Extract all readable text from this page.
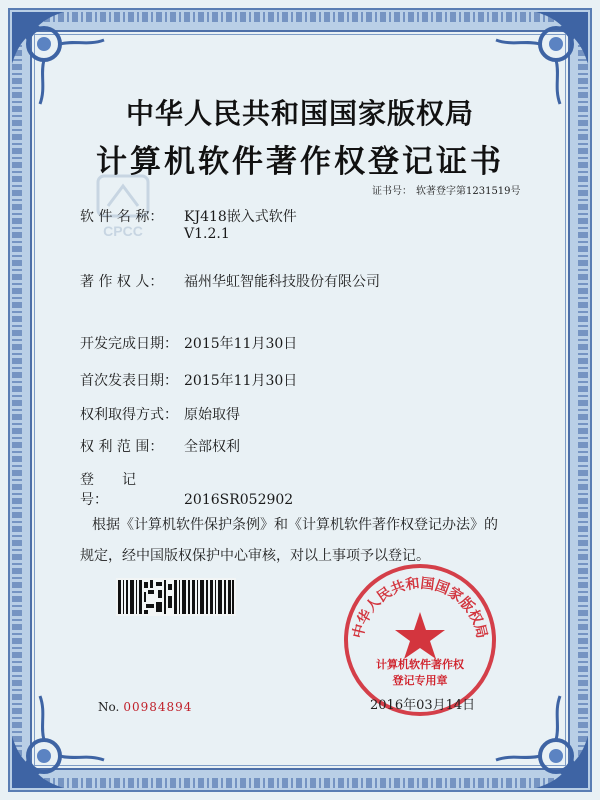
CPCC
中华人民共和国国家版权局
计算机软件著作权登记证书
证书号： 软著登字第1231519号
软 件 名 称： KJ418嵌入式软件
V1.2.1
著 作 权 人： 福州华虹智能科技股份有限公司
开发完成日期： 2015年11月30日
首次发表日期： 2015年11月30日
权利取得方式： 原始取得
权 利 范 围： 全部权利
登　　记　　号：	2016SR052902
根据《计算机软件保护条例》和《计算机软件著作权登记办法》的
规定，经中国版权保护中心审核，对以上事项予以登记。
No. 00984894
中华人民共和国国家版权局
计算机软件著作权
登记专用章
2016年03月14日
